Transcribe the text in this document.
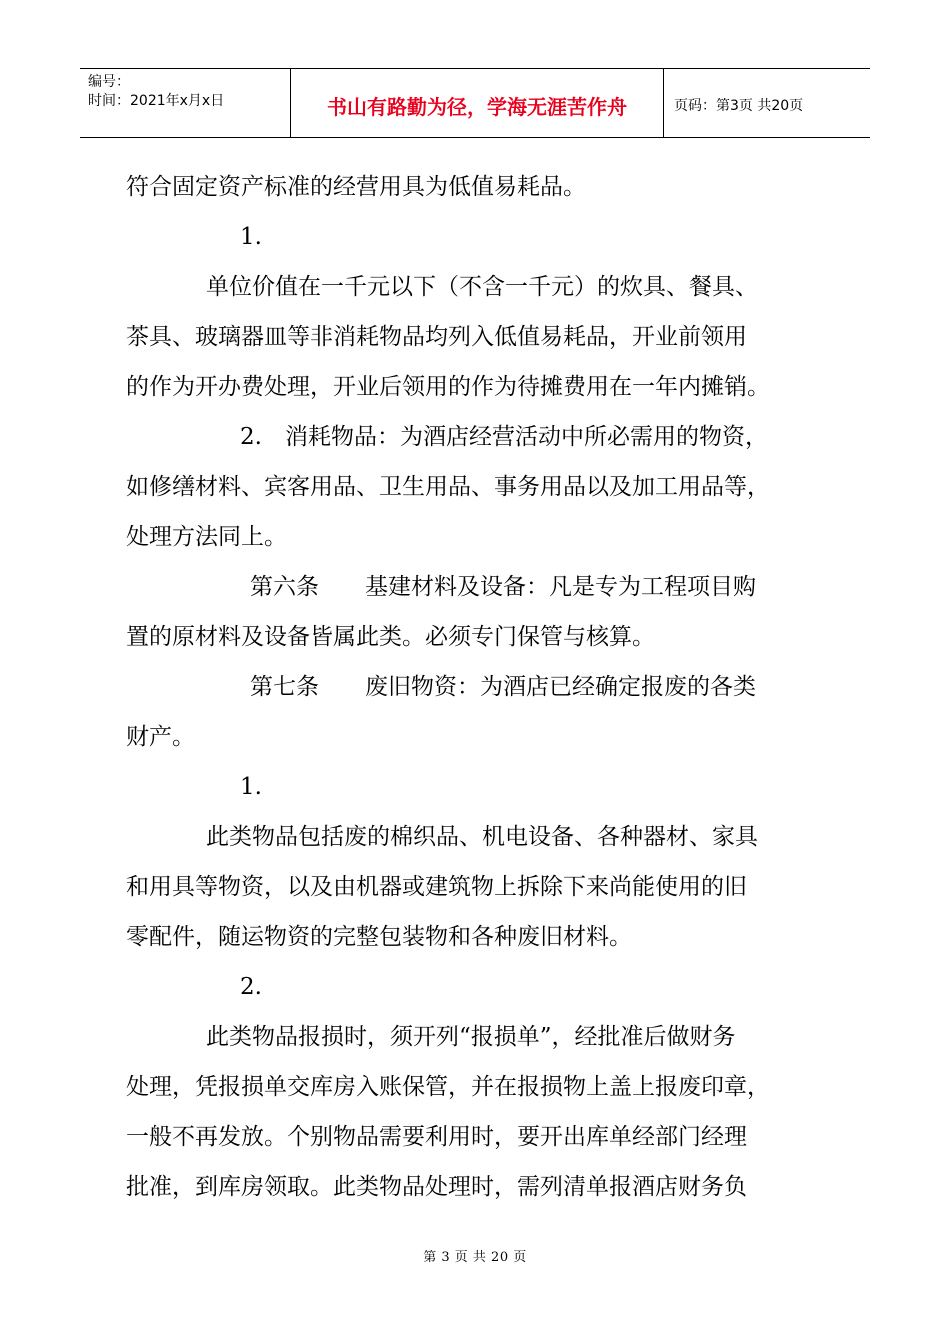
编号：
时间：2021年x月x日	书山有路勤为径，学海无涯苦作舟	页码：第3页 共20页
符合固定资产标准的经营用具为低值易耗品。
1.
单位价值在一千元以下（不含一千元）的炊具、餐具、
茶具、玻璃器皿等非消耗物品均列入低值易耗品，开业前领用
的作为开办费处理，开业后领用的作为待摊费用在一年内摊销。
2.　消耗物品：为酒店经营活动中所必需用的物资，
如修缮材料、宾客用品、卫生用品、事务用品以及加工用品等，
处理方法同上。
第六条　　基建材料及设备：凡是专为工程项目购
置的原材料及设备皆属此类。必须专门保管与核算。
第七条　　废旧物资：为酒店已经确定报废的各类
财产。
1.
此类物品包括废的棉织品、机电设备、各种器材、家具
和用具等物资，以及由机器或建筑物上拆除下来尚能使用的旧
零配件，随运物资的完整包装物和各种废旧材料。
2.
此类物品报损时，须开列“报损单”，经批准后做财务
处理，凭报损单交库房入账保管，并在报损物上盖上报废印章，
一般不再发放。个别物品需要利用时，要开出库单经部门经理
批准，到库房领取。此类物品处理时，需列清单报酒店财务负
第 3 页 共 20 页
